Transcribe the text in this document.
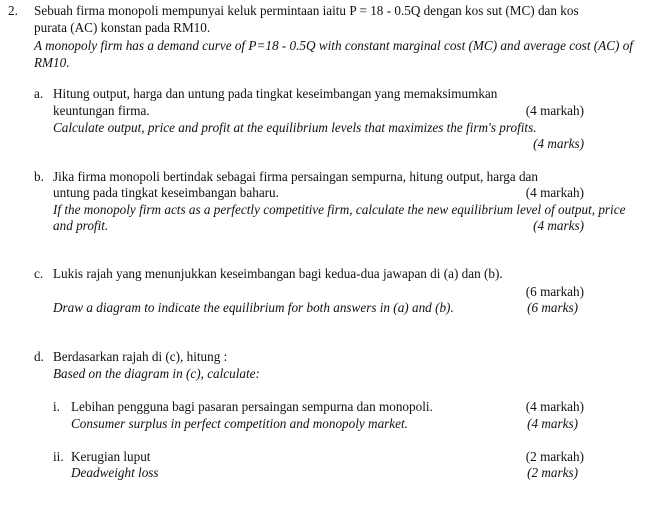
2. Sebuah firma monopoli mempunyai keluk permintaan iaitu P = 18 - 0.5Q dengan kos sut (MC) dan kos
purata (AC) konstan pada RM10.
A monopoly firm has a demand curve of P=18 - 0.5Q with constant marginal cost (MC) and average cost (AC) of
RM10.
a. Hitung output, harga dan untung pada tingkat keseimbangan yang memaksimumkan
keuntungan firma.	(4 markah)
Calculate output, price and profit at the equilibrium levels that maximizes the firm's profits.
(4 marks)
b. Jika firma monopoli bertindak sebagai firma persaingan sempurna, hitung output, harga dan
untung pada tingkat keseimbangan baharu.	(4 markah)
If the monopoly firm acts as a perfectly competitive firm, calculate the new equilibrium level of output, price
and profit.	(4 marks)
c. Lukis rajah yang menunjukkan keseimbangan bagi kedua-dua jawapan di (a) dan (b).
(6 markah)
Draw a diagram to indicate the equilibrium for both answers in (a) and (b).	(6 marks)
d. Berdasarkan rajah di (c), hitung :
Based on the diagram in (c), calculate:
i. Lebihan pengguna bagi pasaran persaingan sempurna dan monopoli.	(4 markah)
Consumer surplus in perfect competition and monopoly market.	(4 marks)
ii. Kerugian luput	(2 markah)
Deadweight loss	(2 marks)
